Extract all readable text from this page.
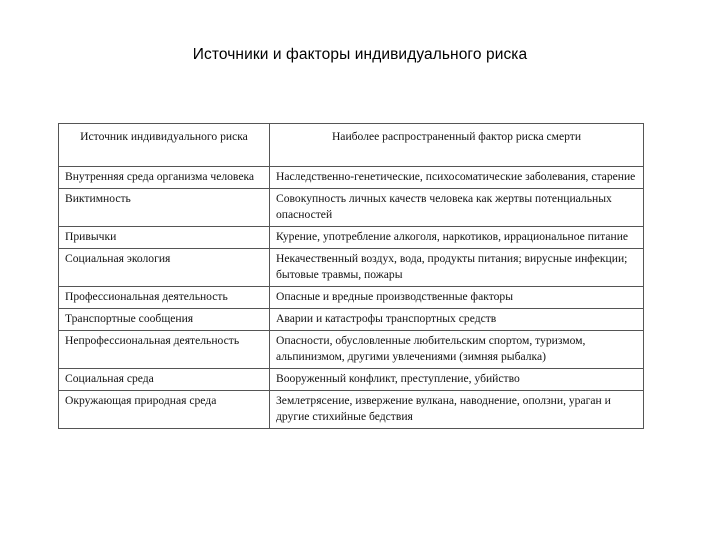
Источники и факторы индивидуального риска
Источник индивидуального риска	Наиболее распространенный фактор риска смерти
Внутренняя среда организма человека	Наследственно-генетические, психосоматические заболевания, старение
Виктимность	Совокупность личных качеств человека как жертвы потенциальных опасностей
Привычки	Курение, употребление алкоголя, наркотиков, иррациональное питание
Социальная экология	Некачественный воздух, вода, продукты питания; вирусные инфекции; бытовые травмы, пожары
Профессиональная деятельность	Опасные и вредные производственные факторы
Транспортные сообщения	Аварии и катастрофы транспортных средств
Непрофессиональная деятельность	Опасности, обусловленные любительским спортом, туризмом, альпинизмом, другими увлечениями (зимняя рыбалка)
Социальная среда	Вооруженный конфликт, преступление, убийство
Окружающая природная среда	Землетрясение, извержение вулкана, наводнение, оползни, ураган и другие стихийные бедствия
